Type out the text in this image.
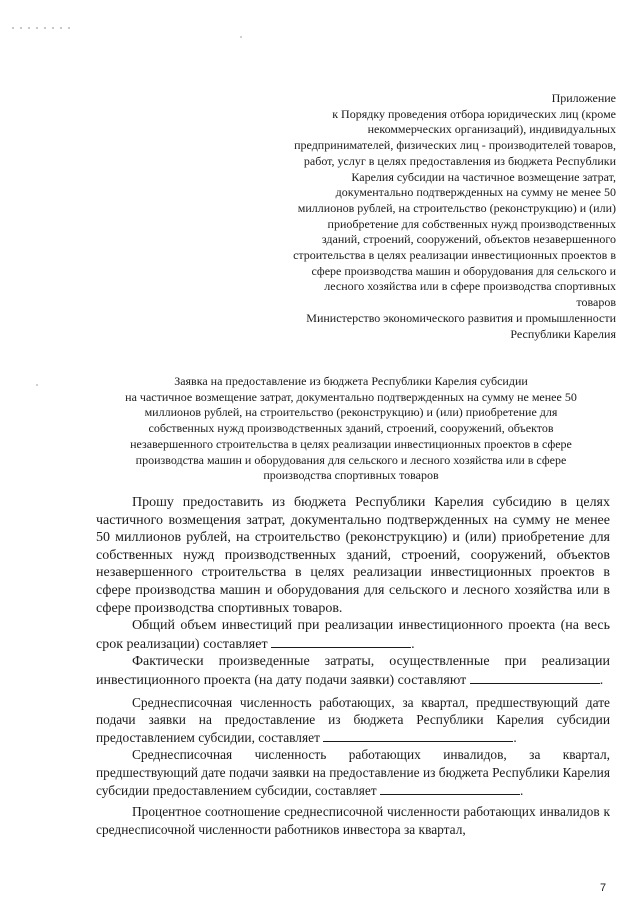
Приложение
к Порядку проведения отбора юридических лиц (кроме
некоммерческих организаций), индивидуальных
предпринимателей, физических лиц - производителей товаров,
работ, услуг в целях предоставления из бюджета Республики
Карелия субсидии на частичное возмещение затрат,
документально подтвержденных на сумму не менее 50
миллионов рублей, на строительство (реконструкцию) и (или)
приобретение для собственных нужд производственных
зданий, строений, сооружений, объектов незавершенного
строительства в целях реализации инвестиционных проектов в
сфере производства машин и оборудования для сельского и
лесного хозяйства или в сфере производства спортивных
товаров
Министерство экономического развития и промышленности
Республики Карелия
Заявка на предоставление из бюджета Республики Карелия субсидии
на частичное возмещение затрат, документально подтвержденных на сумму не менее 50
миллионов рублей, на строительство (реконструкцию) и (или) приобретение для
собственных нужд производственных зданий, строений, сооружений, объектов
незавершенного строительства в целях реализации инвестиционных проектов в сфере
производства машин и оборудования для сельского и лесного хозяйства или в сфере
производства спортивных товаров

Прошу предоставить из бюджета Республики Карелия субсидию в целях частичного возмещения затрат, документально подтвержденных на сумму не менее 50 миллионов рублей, на строительство (реконструкцию) и (или) приобретение для собственных нужд производственных зданий, строений, сооружений, объектов незавершенного строительства в целях реализации инвестиционных проектов в сфере производства машин и оборудования для сельского и лесного хозяйства или в сфере производства спортивных товаров.

Общий объем инвестиций при реализации инвестиционного проекта (на весь срок реализации) составляет	.

Фактически произведенные затраты, осуществленные при реализации инвестиционного проекта (на дату подачи заявки) составляют	.

Среднесписочная численность работающих, за квартал, предшествующий дате подачи заявки на предоставление из бюджета Республики Карелия субсидии предоставлением субсидии, составляет	.

Среднесписочная численность работающих инвалидов, за квартал, предшествующий дате подачи заявки на предоставление из бюджета Республики Карелия субсидии предоставлением субсидии, составляет	.

Процентное соотношение среднесписочной численности работающих инвалидов к среднесписочной численности работников инвестора за квартал,

7
